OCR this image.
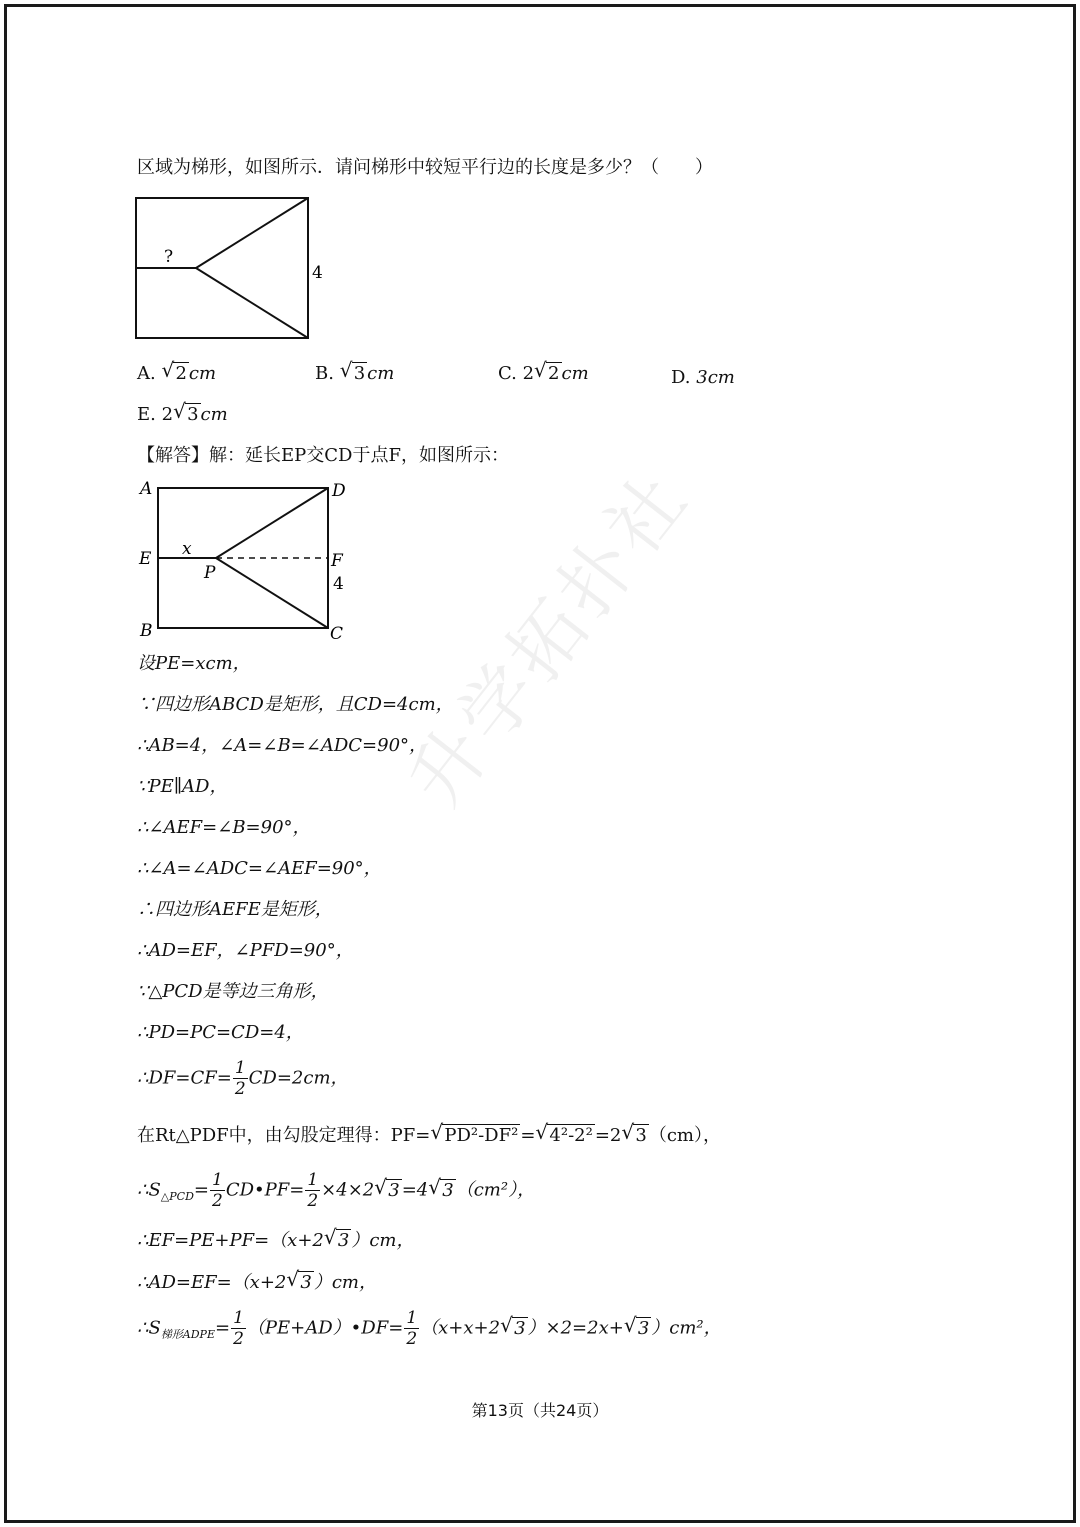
升学拓扑社
区域为梯形，如图所示．请问梯形中较短平行边的长度是多少？（　　）
?
4
A. √ 2 cm	B. √ 3 cm	C. 2 √ 2 cm	D. 3cm
E. 2 √ 3 cm
【解答】解：延长EP交CD于点F，如图所示：
A	D
E x
P
F
4
B	C
设PE=xcm，
∵四边形ABCD是矩形，且CD=4cm，
∴AB=4，∠A=∠B=∠ADC=90°，
∵PE∥AD，
∴∠AEF=∠B=90°，
∴∠A=∠ADC=∠AEF=90°，
∴四边形AEFE是矩形，
∴AD=EF，∠PFD=90°，
∵△PCD是等边三角形，
∴PD=PC=CD=4，
∴DF=CF= $\frac{1}{2} CD=2cm$，
在Rt△PDF中，由勾股定理得：PF= √ PD²-DF² = √ 4²-2² =2 √ 3 （cm），
$\therefore S_{\triangle PCD}= \frac{1}{2}$ CD•PF= $\frac{1}{2} \times 4\times 2$ √ 3 =4 √ 3 （cm²），
∴EF=PE+PF=（x+2 √ 3 ）cm，
∴AD=EF=（x+2 √ 3 ）cm，
$\therefore S_{梯形ADPE}= \frac{1}{2}$ （PE+AD）•DF= $\frac{1}{2} (x+x+2$ √ 3 ）×2=2x+ √ 3 ）cm²，
第13页（共24页）
